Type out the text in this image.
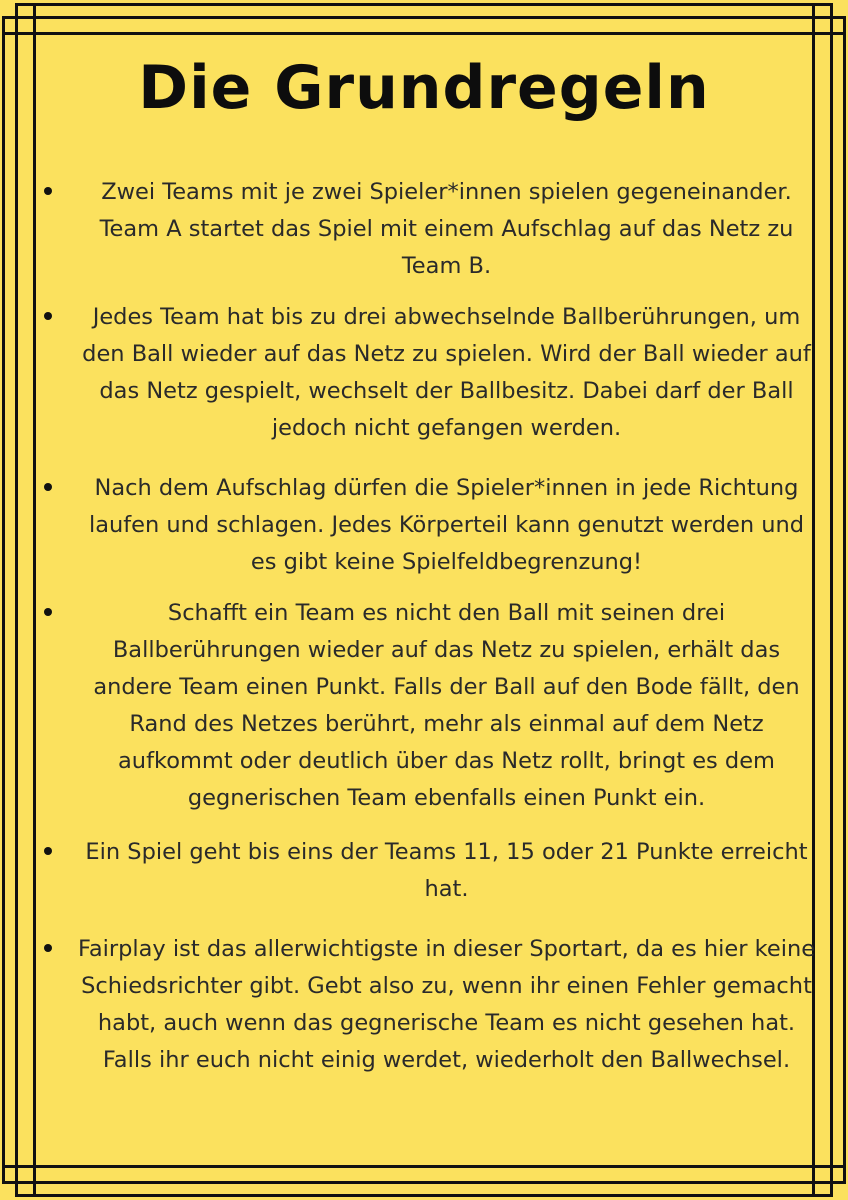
Die Grundregeln

Zwei Teams mit je zwei Spieler*innen spielen gegeneinander. Team A startet das Spiel mit einem Aufschlag auf das Netz zu Team B.

Jedes Team hat bis zu drei abwechselnde Ballberührungen, um den Ball wieder auf das Netz zu spielen. Wird der Ball wieder auf das Netz gespielt, wechselt der Ballbesitz. Dabei darf der Ball jedoch nicht gefangen werden.

Nach dem Aufschlag dürfen die Spieler*innen in jede Richtung laufen und schlagen. Jedes Körperteil kann genutzt werden und es gibt keine Spielfeldbegrenzung!

Schafft ein Team es nicht den Ball mit seinen drei Ballberührungen wieder auf das Netz zu spielen, erhält das andere Team einen Punkt. Falls der Ball auf den Bode fällt, den Rand des Netzes berührt, mehr als einmal auf dem Netz aufkommt oder deutlich über das Netz rollt, bringt es dem gegnerischen Team ebenfalls einen Punkt ein.

Ein Spiel geht bis eins der Teams 11, 15 oder 21 Punkte erreicht hat.

Fairplay ist das allerwichtigste in dieser Sportart, da es hier keine Schiedsrichter gibt. Gebt also zu, wenn ihr einen Fehler gemacht habt, auch wenn das gegnerische Team es nicht gesehen hat. Falls ihr euch nicht einig werdet, wiederholt den Ballwechsel.
